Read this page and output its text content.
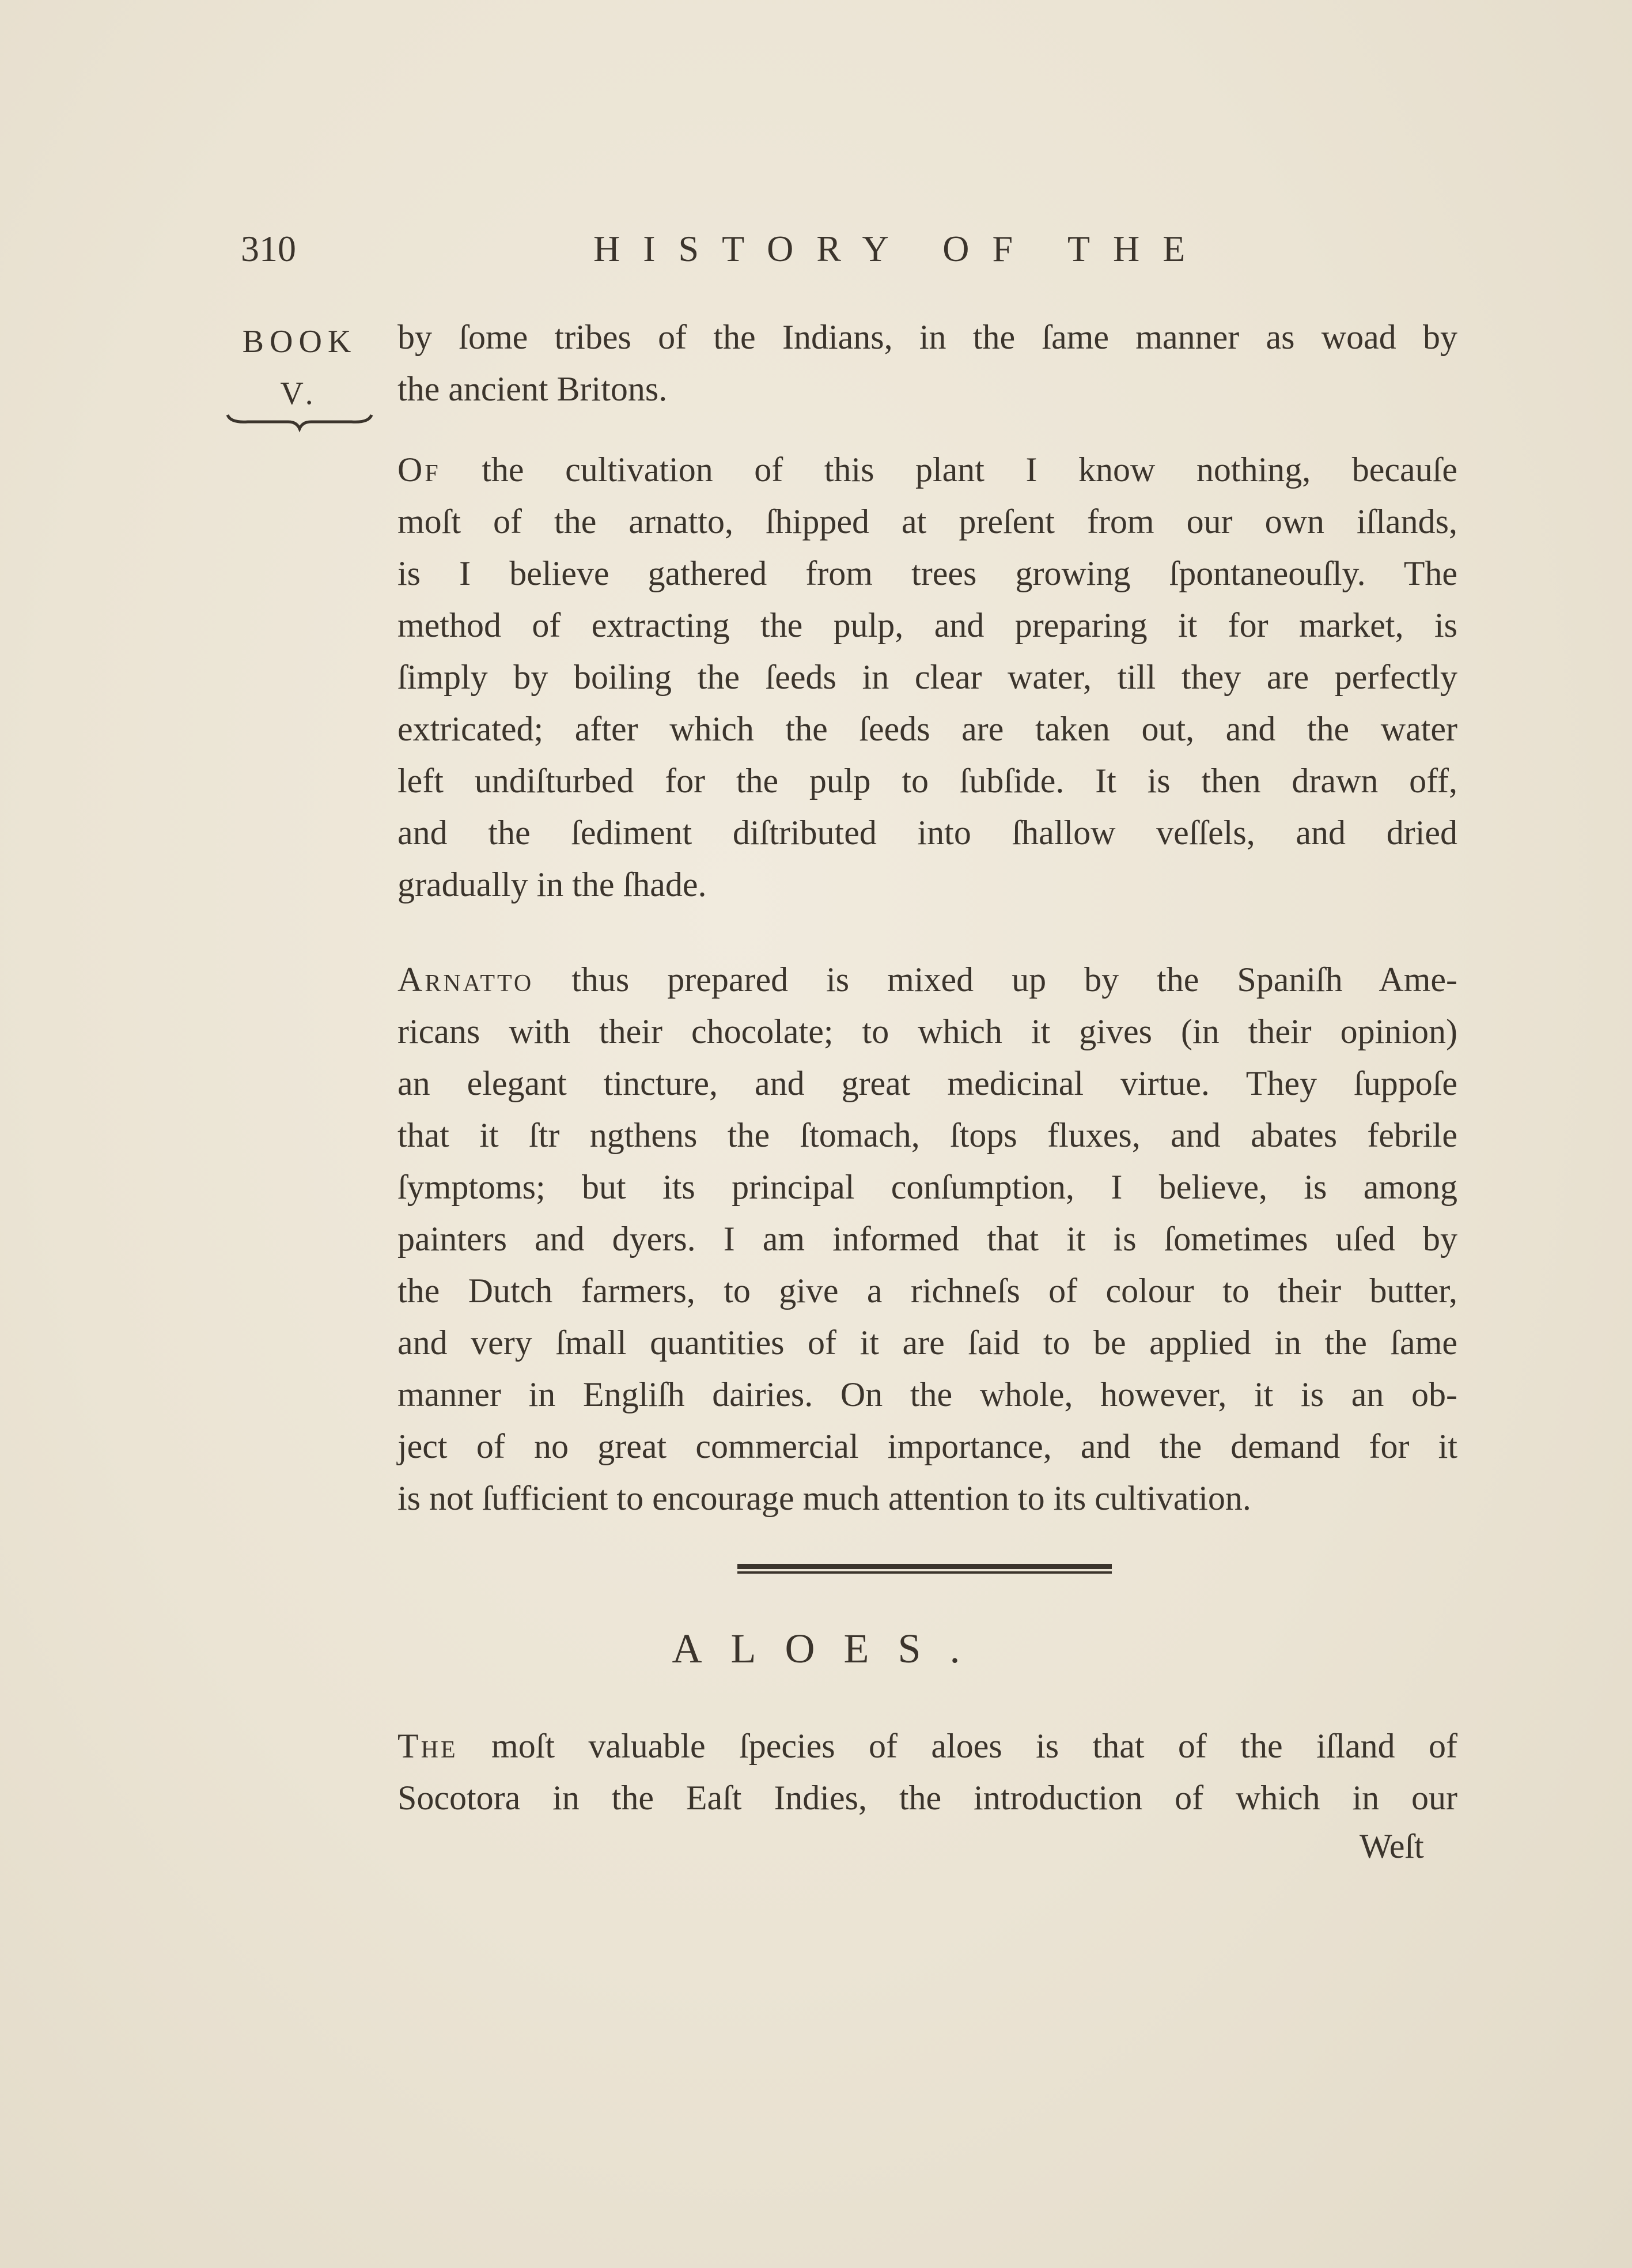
310	HISTORY OF THE
BOOK
V.

by ſome tribes of the Indians, in the ſame manner as woad by
the ancient Britons.

Of the cultivation of this plant I know nothing, becauſe
moſt of the arnatto, ſhipped at preſent from our own iſlands,
is I believe gathered from trees growing ſpontaneouſly. The
method of extracting the pulp, and preparing it for market, is
ſimply by boiling the ſeeds in clear water, till they are perfectly
extricated; after which the ſeeds are taken out, and the water
left undiſturbed for the pulp to ſubſide. It is then drawn off,
and the ſediment diſtributed into ſhallow veſſels, and dried
gradually in the ſhade.

Arnatto thus prepared is mixed up by the Spaniſh Ame-
ricans with their chocolate; to which it gives (in their opinion)
an elegant tincture, and great medicinal virtue. They ſuppoſe
that it ſtr ngthens the ſtomach, ſtops fluxes, and abates febrile
ſymptoms; but its principal conſumption, I believe, is among
painters and dyers. I am informed that it is ſometimes uſed by
the Dutch farmers, to give a richneſs of colour to their butter,
and very ſmall quantities of it are ſaid to be applied in the ſame
manner in Engliſh dairies. On the whole, however, it is an ob-
ject of no great commercial importance, and the demand for it
is not ſufficient to encourage much attention to its cultivation.

ALOES.

The moſt valuable ſpecies of aloes is that of the iſland of
Socotora in the Eaſt Indies, the introduction of which in our

Weſt
